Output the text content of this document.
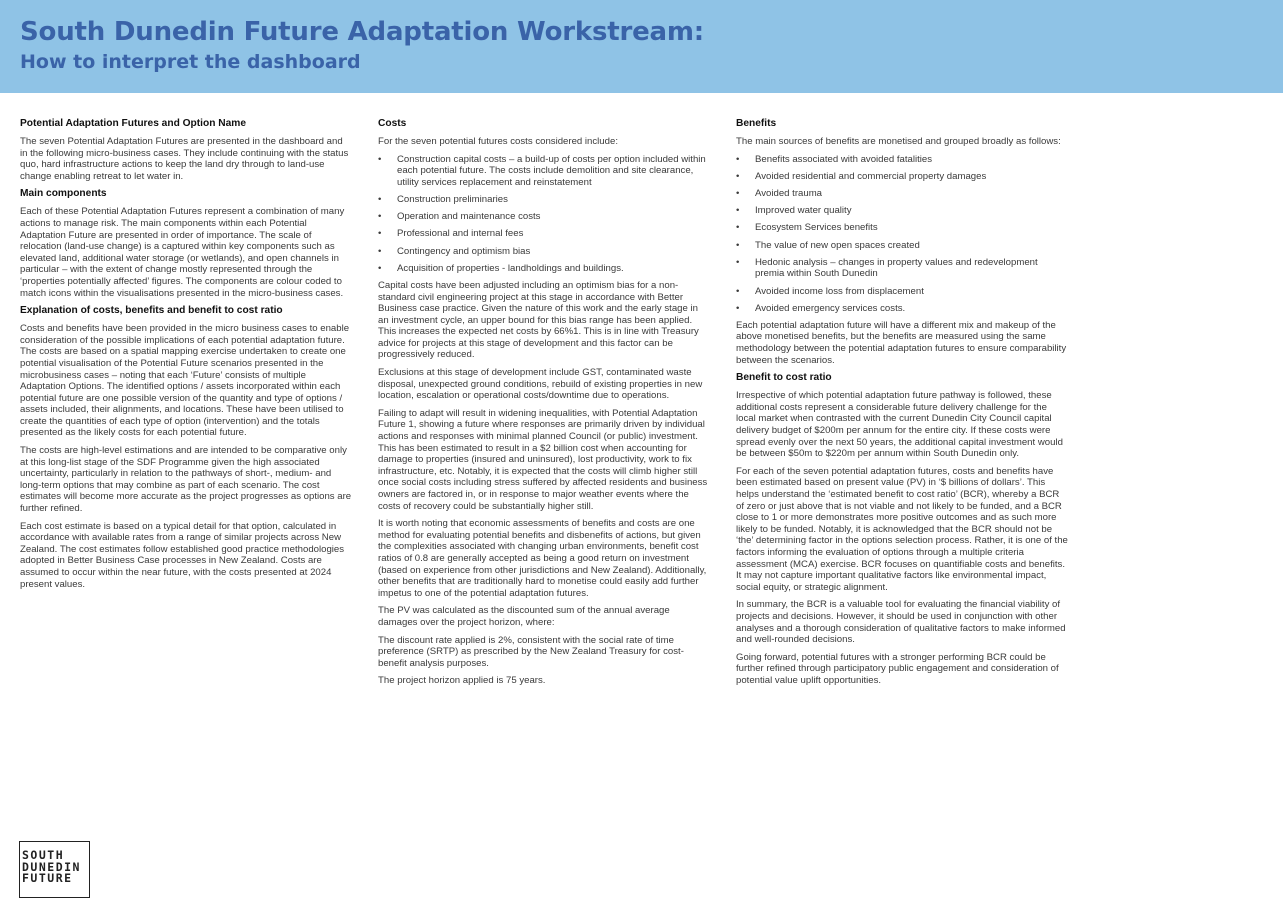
South Dunedin Future Adaptation Workstream:
How to interpret the dashboard
Potential Adaptation Futures and Option Name

The seven Potential Adaptation Futures are presented in the dashboard and in the following micro-business cases. They include continuing with the status quo, hard infrastructure actions to keep the land dry through to land-use change enabling retreat to let water in.

Main components

Each of these Potential Adaptation Futures represent a combination of many actions to manage risk. The main components within each Potential Adaptation Future are presented in order of importance. The scale of relocation (land-use change) is a captured within key components such as elevated land, additional water storage (or wetlands), and open channels in particular – with the extent of change mostly represented through the ‘properties potentially affected’ figures. The components are colour coded to match icons within the visualisations presented in the micro-business cases.

Explanation of costs, benefits and benefit to cost ratio

Costs and benefits have been provided in the micro business cases to enable consideration of the possible implications of each potential adaptation future. The costs are based on a spatial mapping exercise undertaken to create one potential visualisation of the Potential Future scenarios presented in the microbusiness cases – noting that each ‘Future’ consists of multiple Adaptation Options. The identified options / assets incorporated within each potential future are one possible version of the quantity and type of options / assets included, their alignments, and locations. These have been utilised to create the quantities of each type of option (intervention) and the totals presented as the likely costs for each potential future.

The costs are high-level estimations and are intended to be comparative only at this long-list stage of the SDF Programme given the high associated uncertainty, particularly in relation to the pathways of short-, medium- and long-term options that may combine as part of each scenario. The cost estimates will become more accurate as the project progresses as options are further refined.

Each cost estimate is based on a typical detail for that option, calculated in accordance with available rates from a range of similar projects across New Zealand. The cost estimates follow established good practice methodologies adopted in Better Business Case processes in New Zealand. Costs are assumed to occur within the near future, with the costs presented at 2024 present values.

Costs

For the seven potential futures costs considered include:

• Construction capital costs – a build-up of costs per option included within each potential future. The costs include demolition and site clearance, utility services replacement and reinstatement
• Construction preliminaries
• Operation and maintenance costs
• Professional and internal fees
• Contingency and optimism bias
• Acquisition of properties - landholdings and buildings.

Capital costs have been adjusted including an optimism bias for a non-standard civil engineering project at this stage in accordance with Better Business case practice. Given the nature of this work and the early stage in an investment cycle, an upper bound for this bias range has been applied. This increases the expected net costs by 66%1. This is in line with Treasury advice for projects at this stage of development and this factor can be progressively reduced.

Exclusions at this stage of development include GST, contaminated waste disposal, unexpected ground conditions, rebuild of existing properties in new location, escalation or operational costs/downtime due to operations.

Failing to adapt will result in widening inequalities, with Potential Adaptation Future 1, showing a future where responses are primarily driven by individual actions and responses with minimal planned Council (or public) investment. This has been estimated to result in a $2 billion cost when accounting for damage to properties (insured and uninsured), lost productivity, work to fix infrastructure, etc. Notably, it is expected that the costs will climb higher still once social costs including stress suffered by affected residents and business owners are factored in, or in response to major weather events where the costs of recovery could be substantially higher still.

It is worth noting that economic assessments of benefits and costs are one method for evaluating potential benefits and disbenefits of actions, but given the complexities associated with changing urban environments, benefit cost ratios of 0.8 are generally accepted as being a good return on investment (based on experience from other jurisdictions and New Zealand). Additionally, other benefits that are traditionally hard to monetise could easily add further impetus to one of the potential adaptation futures.

The PV was calculated as the discounted sum of the annual average damages over the project horizon, where:

The discount rate applied is 2%, consistent with the social rate of time preference (SRTP) as prescribed by the New Zealand Treasury for cost-benefit analysis purposes.

The project horizon applied is 75 years.

Benefits

The main sources of benefits are monetised and grouped broadly as follows:

• Benefits associated with avoided fatalities
• Avoided residential and commercial property damages
• Avoided trauma
• Improved water quality
• Ecosystem Services benefits
• The value of new open spaces created
• Hedonic analysis – changes in property values and redevelopment premia within South Dunedin
• Avoided income loss from displacement
• Avoided emergency services costs.

Each potential adaptation future will have a different mix and makeup of the above monetised benefits, but the benefits are measured using the same methodology between the potential adaptation futures to ensure comparability between the scenarios.

Benefit to cost ratio

Irrespective of which potential adaptation future pathway is followed, these additional costs represent a considerable future delivery challenge for the local market when contrasted with the current Dunedin City Council capital delivery budget of $200m per annum for the entire city. If these costs were spread evenly over the next 50 years, the additional capital investment would be between $50m to $220m per annum within South Dunedin only.

For each of the seven potential adaptation futures, costs and benefits have been estimated based on present value (PV) in ‘$ billions of dollars’. This helps understand the ‘estimated benefit to cost ratio’ (BCR), whereby a BCR of zero or just above that is not viable and not likely to be funded, and a BCR close to 1 or more demonstrates more positive outcomes and as such more likely to be funded. Notably, it is acknowledged that the BCR should not be ‘the’ determining factor in the options selection process. Rather, it is one of the factors informing the evaluation of options through a multiple criteria assessment (MCA) exercise. BCR focuses on quantifiable costs and benefits. It may not capture important qualitative factors like environmental impact, social equity, or strategic alignment.

In summary, the BCR is a valuable tool for evaluating the financial viability of projects and decisions. However, it should be used in conjunction with other analyses and a thorough consideration of qualitative factors to make informed and well-rounded decisions.

Going forward, potential futures with a stronger performing BCR could be further refined through participatory public engagement and consideration of potential value uplift opportunities.

SOUTH
DUNEDIN
FUTURE
